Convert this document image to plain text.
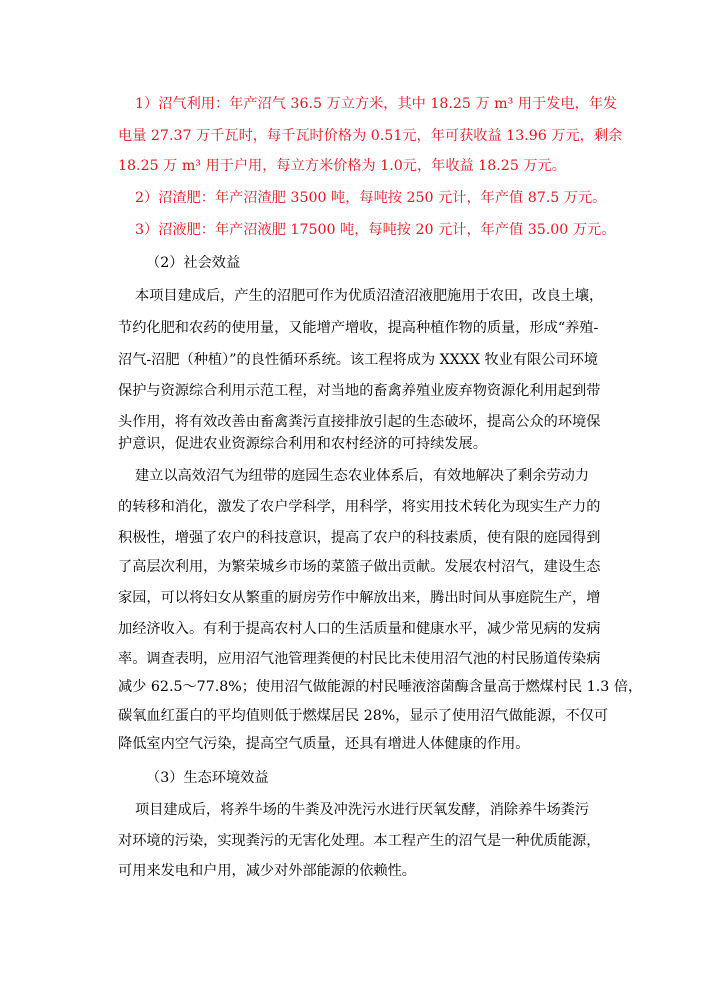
1）沼气利用：年产沼气 36.5 万立方米，其中 18.25 万 m³ 用于发电，年发
电量 27.37 万千瓦时，每千瓦时价格为 0.51元，年可获收益 13.96 万元，剩余
18.25 万 m³ 用于户用，每立方米价格为 1.0元，年收益 18.25 万元。
2）沼渣肥：年产沼渣肥 3500 吨，每吨按 250 元计，年产值 87.5 万元。
3）沼液肥：年产沼液肥 17500 吨，每吨按 20 元计，年产值 35.00 万元。
（2）社会效益
本项目建成后，产生的沼肥可作为优质沼渣沼液肥施用于农田，改良土壤，
节约化肥和农药的使用量，又能增产增收，提高种植作物的质量，形成“养殖-
沼气-沼肥（种植）”的良性循环系统。该工程将成为 XXXX 牧业有限公司环境
保护与资源综合利用示范工程，对当地的畜禽养殖业废弃物资源化利用起到带
头作用，将有效改善由畜禽粪污直接排放引起的生态破坏，提高公众的环境保
护意识，促进农业资源综合利用和农村经济的可持续发展。
建立以高效沼气为纽带的庭园生态农业体系后，有效地解决了剩余劳动力
的转移和消化，激发了农户学科学，用科学，将实用技术转化为现实生产力的
积极性，增强了农户的科技意识，提高了农户的科技素质，使有限的庭园得到
了高层次利用，为繁荣城乡市场的菜篮子做出贡献。发展农村沼气，建设生态
家园，可以将妇女从繁重的厨房劳作中解放出来，腾出时间从事庭院生产，增
加经济收入。有利于提高农村人口的生活质量和健康水平，减少常见病的发病
率。调查表明，应用沼气池管理粪便的村民比未使用沼气池的村民肠道传染病
减少 62.5～77.8%；使用沼气做能源的村民唾液溶菌酶含量高于燃煤村民 1.3 倍，
碳氧血红蛋白的平均值则低于燃煤居民 28%，显示了使用沼气做能源，不仅可
降低室内空气污染，提高空气质量，还具有增进人体健康的作用。
（3）生态环境效益
项目建成后，将养牛场的牛粪及冲洗污水进行厌氧发酵，消除养牛场粪污
对环境的污染，实现粪污的无害化处理。本工程产生的沼气是一种优质能源，
可用来发电和户用，减少对外部能源的依赖性。
